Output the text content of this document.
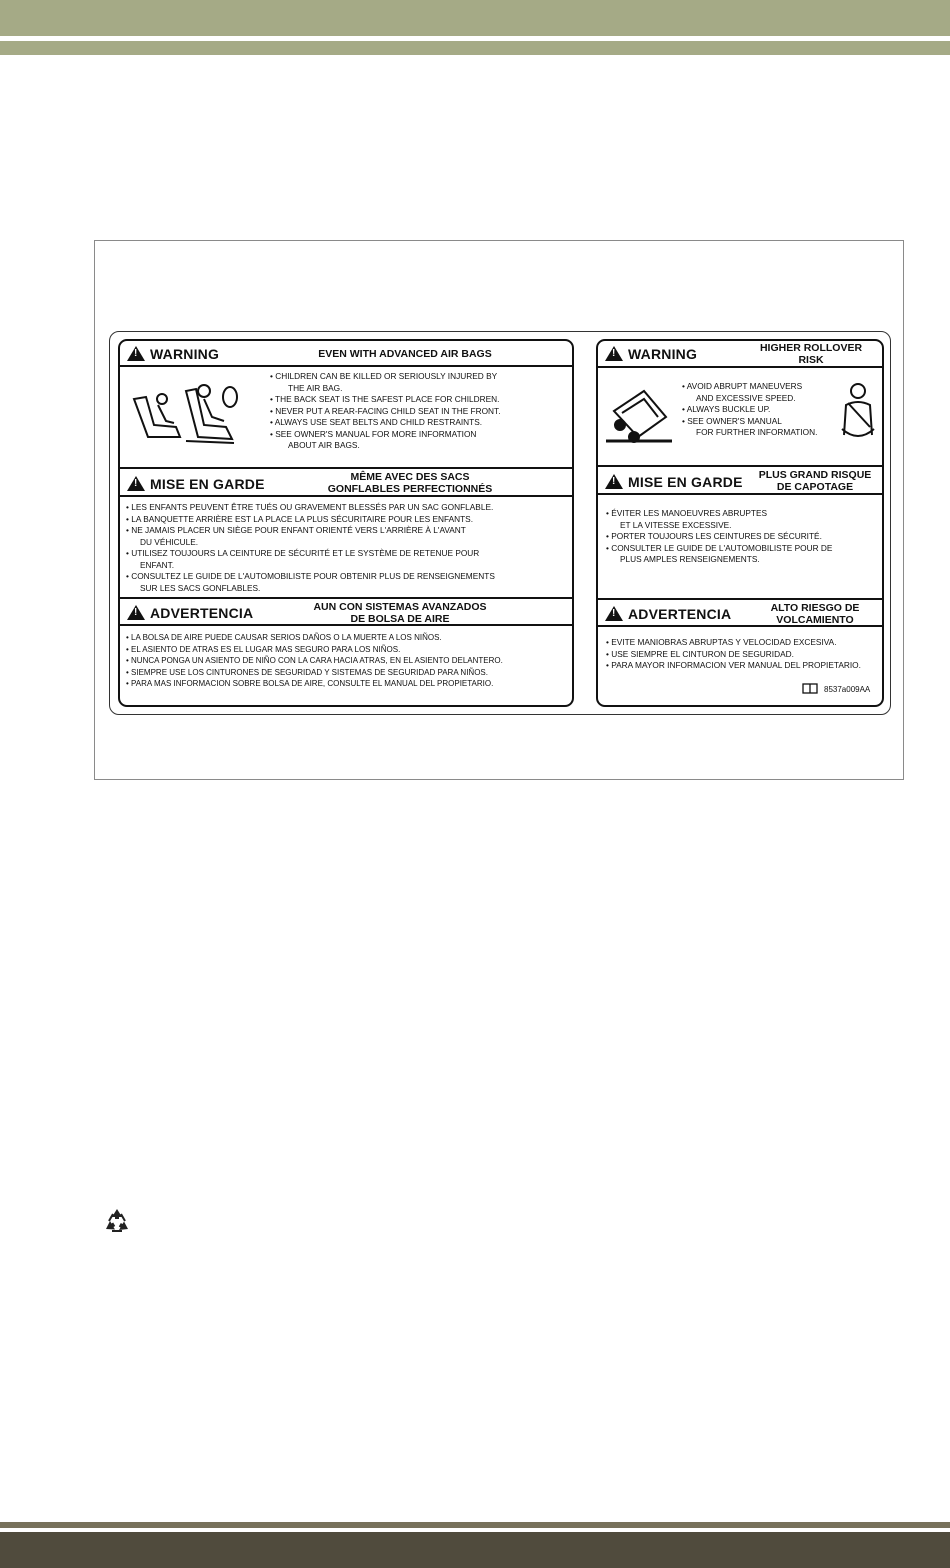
!
WARNING	EVEN WITH ADVANCED AIR BAGS
• CHILDREN CAN BE KILLED OR SERIOUSLY INJURED BY
THE AIR BAG.
• THE BACK SEAT IS THE SAFEST PLACE FOR CHILDREN.
• NEVER PUT A REAR-FACING CHILD SEAT IN THE FRONT.
• ALWAYS USE SEAT BELTS AND CHILD RESTRAINTS.
• SEE OWNER'S MANUAL FOR MORE INFORMATION
ABOUT AIR BAGS.
!
MISE EN GARDE	MÊME AVEC DES SACS
GONFLABLES PERFECTIONNÉS
• LES ENFANTS PEUVENT ÊTRE TUÉS OU GRAVEMENT BLESSÉS PAR UN SAC GONFLABLE.
• LA BANQUETTE ARRIÈRE EST LA PLACE LA PLUS SÉCURITAIRE POUR LES ENFANTS.
• NE JAMAIS PLACER UN SIÈGE POUR ENFANT ORIENTÉ VERS L'ARRIÈRE À L'AVANT
DU VÉHICULE.
• UTILISEZ TOUJOURS LA CEINTURE DE SÉCURITÉ ET LE SYSTÈME DE RETENUE POUR
ENFANT.
• CONSULTEZ LE GUIDE DE L'AUTOMOBILISTE POUR OBTENIR PLUS DE RENSEIGNEMENTS
SUR LES SACS GONFLABLES.
!
ADVERTENCIA	AUN CON SISTEMAS AVANZADOS
DE BOLSA DE AIRE
• LA BOLSA DE AIRE PUEDE CAUSAR SERIOS DAÑOS O LA MUERTE A LOS NIÑOS.
• EL ASIENTO DE ATRAS ES EL LUGAR MAS SEGURO PARA LOS NIÑOS.
• NUNCA PONGA UN ASIENTO DE NIÑO CON LA CARA HACIA ATRAS, EN EL ASIENTO DELANTERO.
• SIEMPRE USE LOS CINTURONES DE SEGURIDAD Y SISTEMAS DE SEGURIDAD PARA NIÑOS.
• PARA MAS INFORMACION SOBRE BOLSA DE AIRE, CONSULTE EL MANUAL DEL PROPIETARIO.
!
WARNING	HIGHER ROLLOVER
RISK
• AVOID ABRUPT MANEUVERS
AND EXCESSIVE SPEED.
• ALWAYS BUCKLE UP.
• SEE OWNER'S MANUAL
FOR FURTHER INFORMATION.
!
MISE EN GARDE	PLUS GRAND RISQUE
DE CAPOTAGE
• ÉVITER LES MANOEUVRES ABRUPTES
ET LA VITESSE EXCESSIVE.
• PORTER TOUJOURS LES CEINTURES DE SÉCURITÉ.
• CONSULTER LE GUIDE DE L'AUTOMOBILISTE POUR DE
PLUS AMPLES RENSEIGNEMENTS.
!
ADVERTENCIA	ALTO RIESGO DE
VOLCAMIENTO
• EVITE MANIOBRAS ABRUPTAS Y VELOCIDAD EXCESIVA.
• USE SIEMPRE EL CINTURON DE SEGURIDAD.
• PARA MAYOR INFORMACION VER MANUAL DEL PROPIETARIO.
8537a009AA
